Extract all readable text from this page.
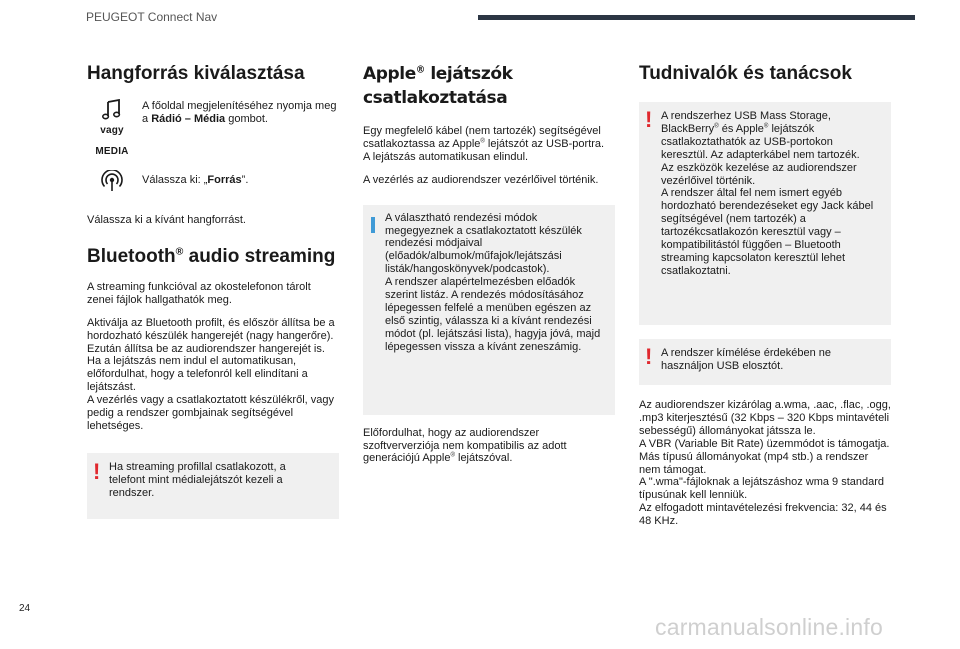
PEUGEOT Connect Nav
Hangforrás kiválasztása
vagy
MEDIA

A főoldal megjelenítéséhez nyomja meg a Rádió – Média gombot.

Válassza ki: „Forrás”.

Válassza ki a kívánt hangforrást.

Bluetooth® audio streaming

A streaming funkcióval az okostelefonon tárolt zenei fájlok hallgathatók meg.

Aktiválja az Bluetooth profilt, és először állítsa be a hordozható készülék hangerejét (nagy hangerőre).

Ezután állítsa be az audiorendszer hangerejét is.

Ha a lejátszás nem indul el automatikusan, előfordulhat, hogy a telefonról kell elindítani a lejátszást.

A vezérlés vagy a csatlakoztatott készülékről, vagy pedig a rendszer gombjainak segítségével lehetséges.

! Ha streaming profillal csatlakozott, a telefont mint médialejátszót kezeli a rendszer.

Apple® lejátszók csatlakoztatása

Egy megfelelő kábel (nem tartozék) segítségével csatlakoztassa az Apple® lejátszót az USB-portra.

A lejátszás automatikusan elindul.

A vezérlés az audiorendszer vezérlőivel történik.

A választható rendezési módok megegyeznek a csatlakoztatott készülék rendezési módjaival (előadók/albumok/műfajok/lejátszási listák/hangoskönyvek/podcastok).

A rendszer alapértelmezésben előadók szerint listáz. A rendezés módosításához lépegessen felfelé a menüben egészen az első szintig, válassza ki a kívánt rendezési módot (pl. lejátszási lista), hagyja jóvá, majd lépegessen vissza a kívánt zeneszámig.

Előfordulhat, hogy az audiorendszer szoftververziója nem kompatibilis az adott generációjú Apple® lejátszóval.

Tudnivalók és tanácsok
! A rendszerhez USB Mass Storage, BlackBerry® és Apple® lejátszók csatlakoztathatók az USB-portokon keresztül. Az adapterkábel nem tartozék.

Az eszközök kezelése az audiorendszer vezérlőivel történik.

A rendszer által fel nem ismert egyéb hordozható berendezéseket egy Jack kábel segítségével (nem tartozék) a tartozékcsatlakozón keresztül vagy – kompatibilitástól függően – Bluetooth streaming kapcsolaton keresztül lehet csatlakoztatni.

! A rendszer kímélése érdekében ne használjon USB elosztót.

Az audiorendszer kizárólag a.wma, .aac, .flac, .ogg, .mp3 kiterjesztésű (32 Kbps – 320 Kbps mintavételi sebességű) állományokat játssza le.

A VBR (Variable Bit Rate) üzemmódot is támogatja.

Más típusú állományokat (mp4 stb.) a rendszer nem támogat.

A ".wma"-fájloknak a lejátszáshoz wma 9 standard típusúnak kell lenniük.

Az elfogadott mintavételezési frekvencia: 32, 44 és 48 KHz.

24
carmanualsonline.info
